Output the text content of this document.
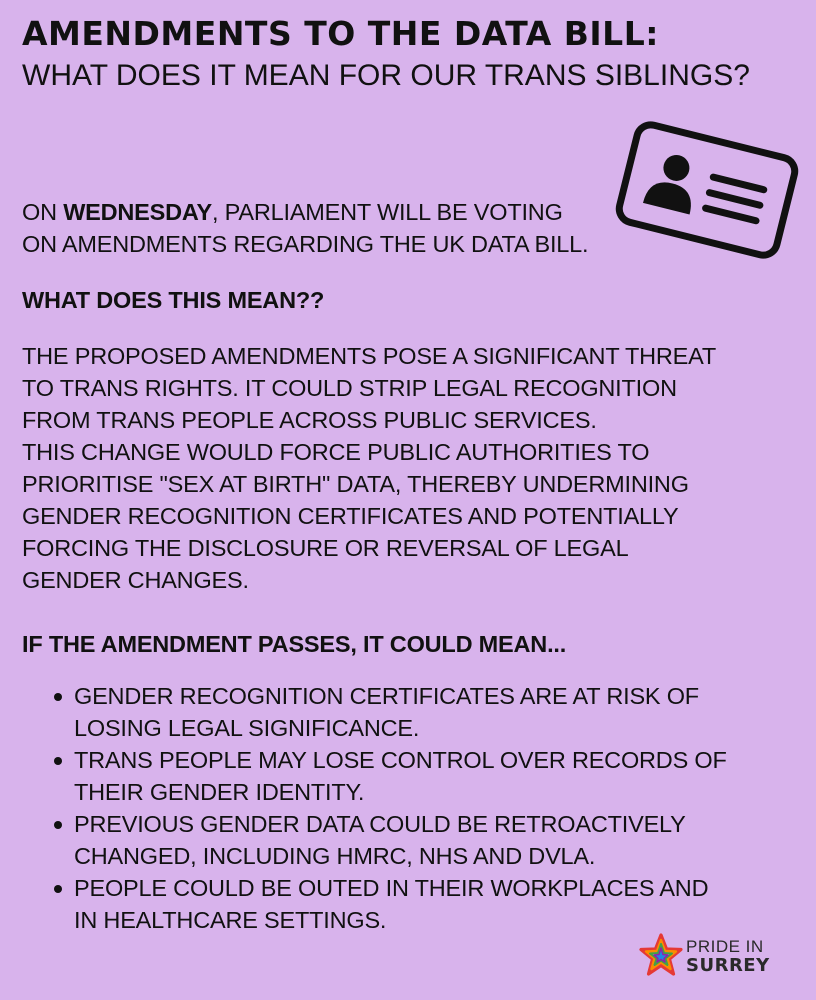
AMENDMENTS TO THE DATA BILL:
WHAT DOES IT MEAN FOR OUR TRANS SIBLINGS?
ON WEDNESDAY, PARLIAMENT WILL BE VOTING
ON AMENDMENTS REGARDING THE UK DATA BILL.
WHAT DOES THIS MEAN??
THE PROPOSED AMENDMENTS POSE A SIGNIFICANT THREAT
TO TRANS RIGHTS. IT COULD STRIP LEGAL RECOGNITION
FROM TRANS PEOPLE ACROSS PUBLIC SERVICES.
THIS CHANGE WOULD FORCE PUBLIC AUTHORITIES TO
PRIORITISE "SEX AT BIRTH" DATA, THEREBY UNDERMINING
GENDER RECOGNITION CERTIFICATES AND POTENTIALLY
FORCING THE DISCLOSURE OR REVERSAL OF LEGAL
GENDER CHANGES.
IF THE AMENDMENT PASSES, IT COULD MEAN...
GENDER RECOGNITION CERTIFICATES ARE AT RISK OF
LOSING LEGAL SIGNIFICANCE.
TRANS PEOPLE MAY LOSE CONTROL OVER RECORDS OF
THEIR GENDER IDENTITY.
PREVIOUS GENDER DATA COULD BE RETROACTIVELY
CHANGED, INCLUDING HMRC, NHS AND DVLA.
PEOPLE COULD BE OUTED IN THEIR WORKPLACES AND
IN HEALTHCARE SETTINGS.
PRIDE IN
SURREY
